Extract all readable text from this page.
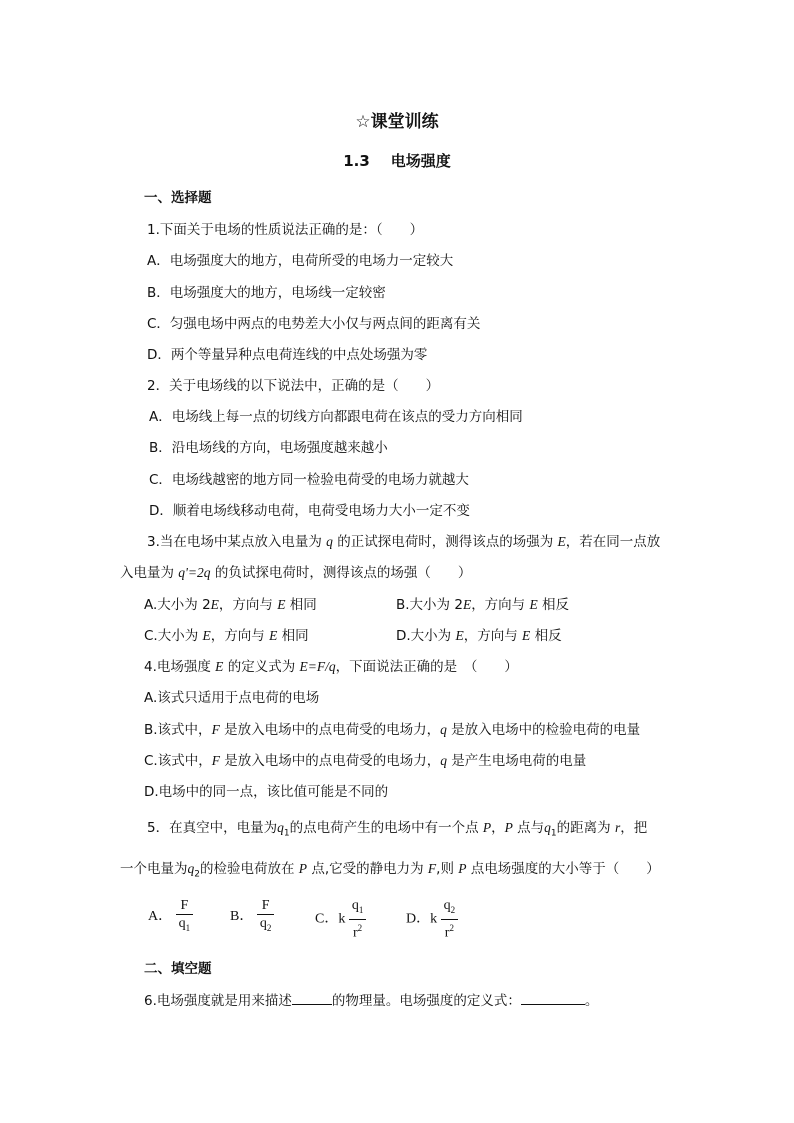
☆课堂训练
1.3 电场强度
一、选择题
1.下面关于电场的性质说法正确的是：（　　）
A．电场强度大的地方，电荷所受的电场力一定较大
B．电场强度大的地方，电场线一定较密
C．匀强电场中两点的电势差大小仅与两点间的距离有关
D．两个等量异种点电荷连线的中点处场强为零
2．关于电场线的以下说法中，正确的是（　　）
A．电场线上每一点的切线方向都跟电荷在该点的受力方向相同
B．沿电场线的方向，电场强度越来越小
C．电场线越密的地方同一检验电荷受的电场力就越大
D．顺着电场线移动电荷，电荷受电场力大小一定不变
3.当在电场中某点放入电量为 q 的正试探电荷时，测得该点的场强为 E，若在同一点放
入电量为 q'=2q 的负试探电荷时，测得该点的场强（　　）
A.大小为 2E，方向与 E 相同	B.大小为 2E，方向与 E 相反
C.大小为 E，方向与 E 相同	D.大小为 E，方向与 E 相反
4.电场强度 E 的定义式为 E=F/q，下面说法正确的是　（　　）
A.该式只适用于点电荷的电场
B.该式中，F 是放入电场中的点电荷受的电场力，q 是放入电场中的检验电荷的电量
C.该式中，F 是放入电场中的点电荷受的电场力，q 是产生电场电荷的电量
D.电场中的同一点，该比值可能是不同的
5．在真空中，电量为$q_1$的点电荷产生的电场中有一个点 P，P 点与$q_1$的距离为 r，把
一个电量为$q_2$的检验电荷放在 P 点,它受的静电力为 F,则 P 点电场强度的大小等于（　　）
A． $\frac{F}{q_1}$	B． $\frac{F}{q_2}$	C．k $\frac{q_1}{r^2}$	D．k $\frac{q_2}{r^2}$
二、填空题
6.电场强度就是用来描述	的物理量。电场强度的定义式：	。
